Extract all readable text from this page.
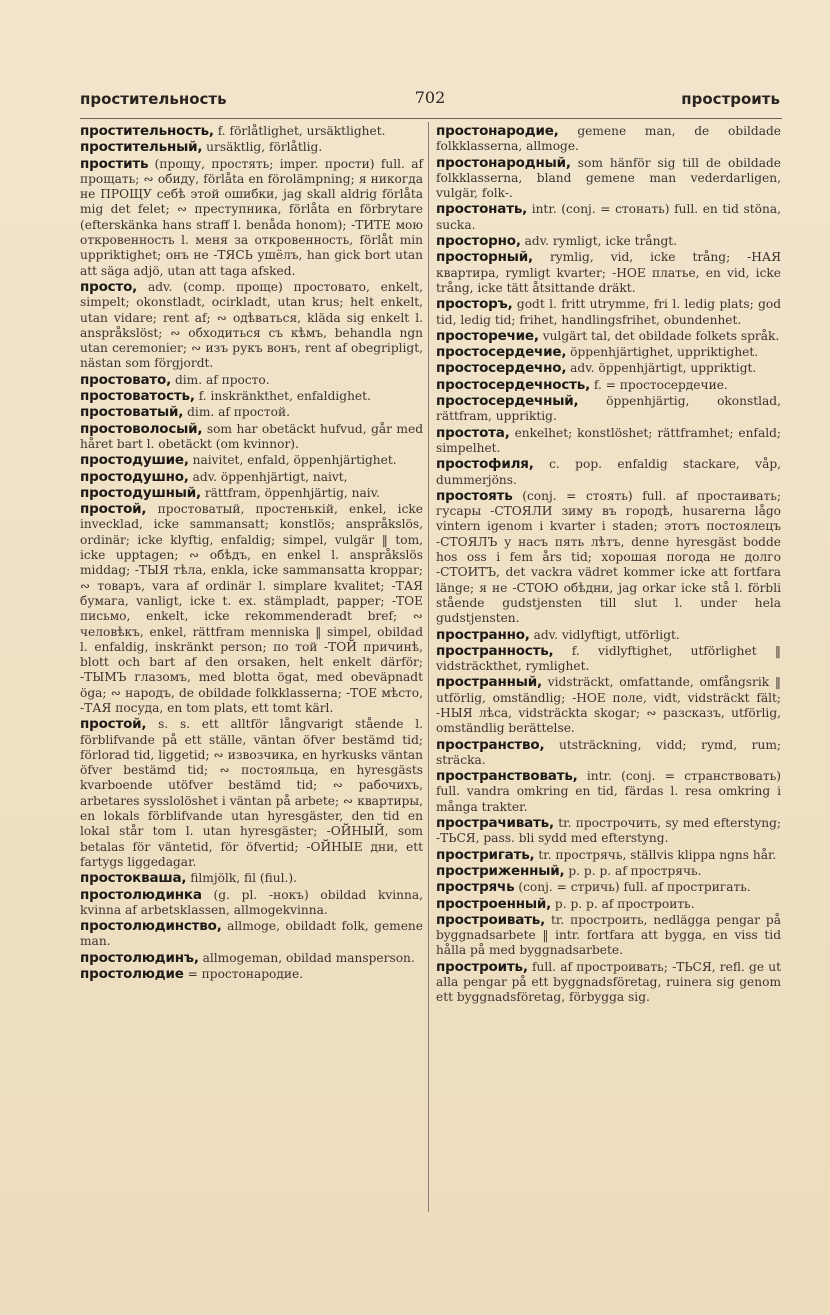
простительность	702	простроить
простительность, f. förlåtlighet, ursäktlighet.
простительный, ursäktlig, förlåtlig.
простить (прощу, простять; imper. прости) full. af прощать; ∾ обиду, förlåta en förolämpning; я никогда не ПРОЩУ себѣ этой ошибки, jag skall aldrig förlåta mig det felet; ∾ преступника, förlåta en förbrytare (efterskänka hans straff l. benåda honom); -ТИТЕ мою откровенность l. меня за откровенность, förlåt min uppriktighet; онъ не -ТЯСЬ ушёлъ, han gick bort utan att säga adjö, utan att taga afsked.
просто, adv. (comp. проще) простовато, enkelt, simpelt; okonstladt, ocirkladt, utan krus; helt enkelt, utan vidare; rent af; ∾ одѣваться, kläda sig enkelt l. anspråkslöst; ∾ обходиться съ кѣмъ, behandla ngn utan ceremonier; ∾ изъ рукъ вонъ, rent af obegripligt, nästan som förgjordt.
простовато, dim. af просто.
простоватость, f. inskränkthet, enfaldighet.
простоватый, dim. af простой.
простоволосый, som har obetäckt hufvud, går med håret bart l. obetäckt (om kvinnor).
простодушие, naivitet, enfald, öppenhjärtighet.
простодушно, adv. öppenhjärtigt, naivt,
простодушный, rättfram, öppenhjärtig, naiv.
простой, простоватый, простенькій, enkel, icke invecklad, icke sammansatt; konstlös; anspråkslös, ordinär; icke klyftig, enfaldig; simpel, vulgär ‖ tom, icke upptagen; ∾ обѣдъ, en enkel l. anspråkslös middag; -ТЫЯ тѣла, enkla, icke sammansatta kroppar; ∾ товаръ, vara af ordinär l. simplare kvalitet; -ТАЯ бумага, vanligt, icke t. ex. stämpladt, papper; -ТОЕ письмо, enkelt, icke rekommenderadt bref; ∾ человѣкъ, enkel, rättfram menniska ‖ simpel, obildad l. enfaldig, inskränkt person; по той -ТОЙ причинѣ, blott och bart af den orsaken, helt enkelt därför; -ТЫМЪ глазомъ, med blotta ögat, med obeväpnadt öga; ∾ народъ, de obildade folkklasserna; -ТОЕ мѣсто, -ТАЯ посуда, en tom plats, ett tomt kärl.
простой, s. s. ett alltför långvarigt stående l. förblifvande på ett ställe, väntan öfver bestämd tid; förlorad tid, liggetid; ∾ извозчика, en hyrkusks väntan öfver bestämd tid; ∾ постояльца, en hyresgästs kvarboende utöfver bestämd tid; ∾ рабочихъ, arbetares sysslolöshet i väntan på arbete; ∾ квартиры, en lokals förblifvande utan hyresgäster, den tid en lokal står tom l. utan hyresgäster; -ОЙНЫЙ, som betalas för väntetid, för öfvertid; -ОЙНЫЕ дни, ett fartygs liggedagar.
простокваша, filmjölk, fil (fiul.).
простолюдинка (g. pl. -нокъ) obildad kvinna, kvinna af arbetsklassen, allmogekvinna.
простолюдинство, allmoge, obildadt folk, gemene man.
простолюдинъ, allmogeman, obildad mansperson.
простолюдие = простонародие.
простонародие, gemene man, de obildade folkklasserna, allmoge.
простонародный, som hänför sig till de obildade folkklasserna, bland gemene man vederdarligen, vulgär, folk-.
простонать, intr. (conj. = стонать) full. en tid stöna, sucka.
просторно, adv. rymligt, icke trångt.
просторный, rymlig, vid, icke trång; -НАЯ квартира, rymligt kvarter; -НОЕ платье, en vid, icke trång, icke tätt åtsittande dräkt.
просторъ, godt l. fritt utrymme, fri l. ledig plats; god tid, ledig tid; frihet, handlingsfrihet, obundenhet.
просторечие, vulgärt tal, det obildade folkets språk.
простосердечие, öppenhjärtighet, uppriktighet.
простосердечно, adv. öppenhjärtigt, uppriktigt.
простосердечность, f. = простосердечие.
простосердечный, öppenhjärtig, okonstlad, rättfram, uppriktig.
простота, enkelhet; konstlöshet; rättframhet; enfald; simpelhet.
простофиля, c. pop. enfaldig stackare, våp, dummerjöns.
простоять (conj. = стоять) full. af простаивать; гусары -СТОЯЛИ зиму въ городѣ, husarerna lågo vintern igenom i kvarter i staden; этотъ постоялецъ -СТОЯЛЪ у насъ пять лѣтъ, denne hyresgäst bodde hos oss i fem års tid; хорошая погода не долго -СТОИТЪ, det vackra vädret kommer icke att fortfara länge; я не -СТОЮ обѣдни, jag orkar icke stå l. förbli stående gudstjensten till slut l. under hela gudstjensten.
пространно, adv. vidlyftigt, utförligt.
пространность, f. vidlyftighet, utförlighet ‖ vidsträckthet, rymlighet.
пространный, vidsträckt, omfattande, omfångsrik ‖ utförlig, omständlig; -НОЕ поле, vidt, vidsträckt fält; -НЫЯ лѣса, vidsträckta skogar; ∾ разсказъ, utförlig, omständlig berättelse.
пространство, utsträckning, vidd; rymd, rum; sträcka.
пространствовать, intr. (conj. = странствовать) full. vandra omkring en tid, färdas l. resa omkring i många trakter.
прострачивать, tr. прострочить, sy med efterstyng; -ТЬСЯ, pass. bli sydd med efterstyng.
простригать, tr. прострячь, ställvis klippa ngns hår.
простриженный, p. p. p. af прострячь.
прострячь (conj. = стричь) full. af простригать.
простроенный, p. p. p. af простроить.
простроивать, tr. простроить, nedlägga pengar på byggnadsarbete ‖ intr. fortfara att bygga, en viss tid hålla på med byggnadsarbete.
простроить, full. af простроивать; -ТЬСЯ, refl. ge ut alla pengar på ett byggnadsföretag, ruinera sig genom ett byggnadsföretag, förbygga sig.
